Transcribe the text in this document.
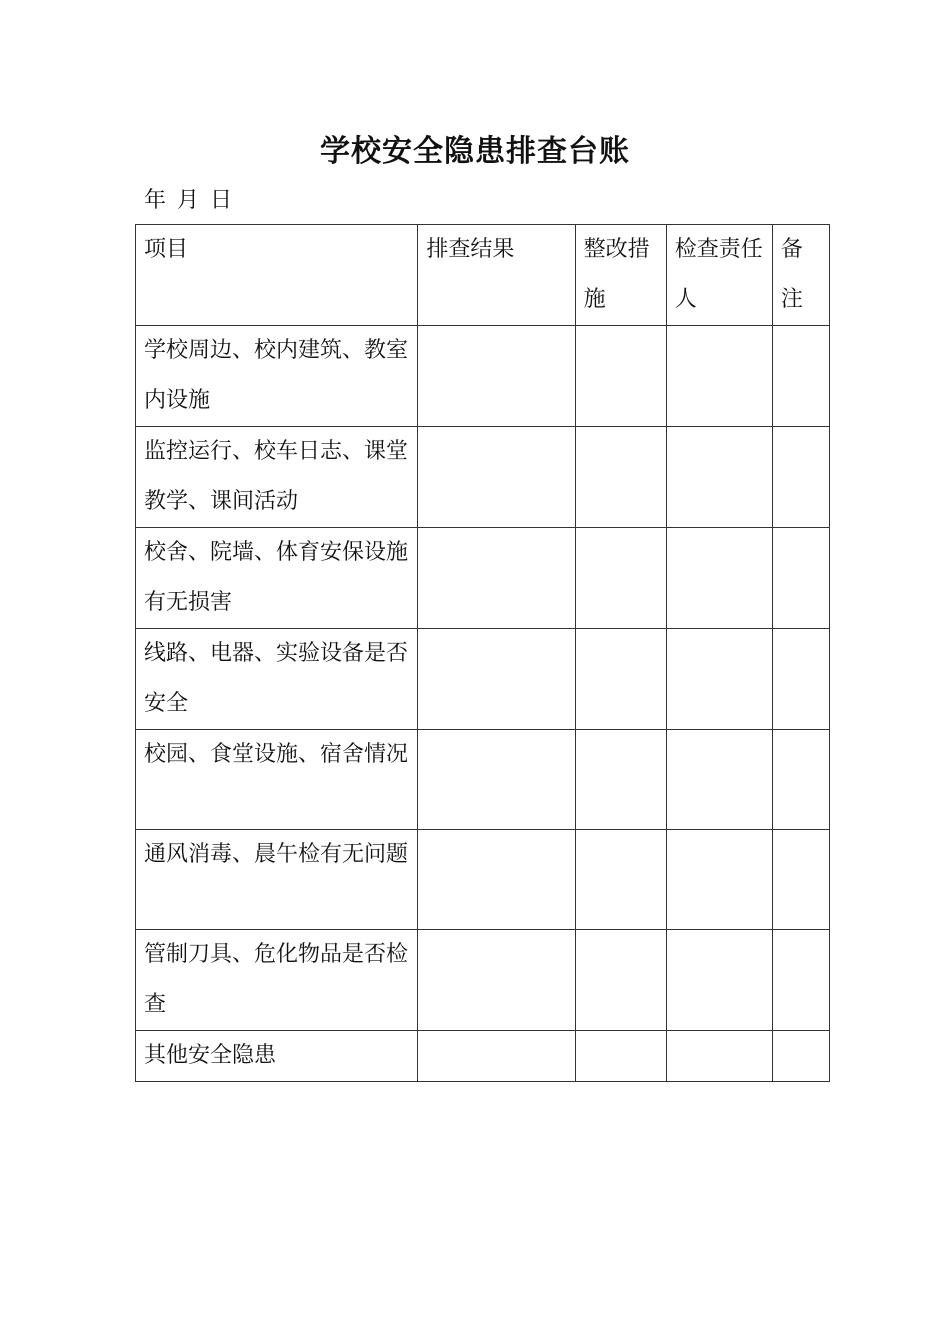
学校安全隐患排查台账
年 月 日
项目	排查结果	整改措施	检查责任人	备注
学校周边、校内建筑、教室内设施				
监控运行、校车日志、课堂教学、课间活动				
校舍、院墙、体育安保设施有无损害				
线路、电器、实验设备是否安全				
校园、食堂设施、宿舍情况				
通风消毒、晨午检有无问题				
管制刀具、危化物品是否检查				
其他安全隐患				
